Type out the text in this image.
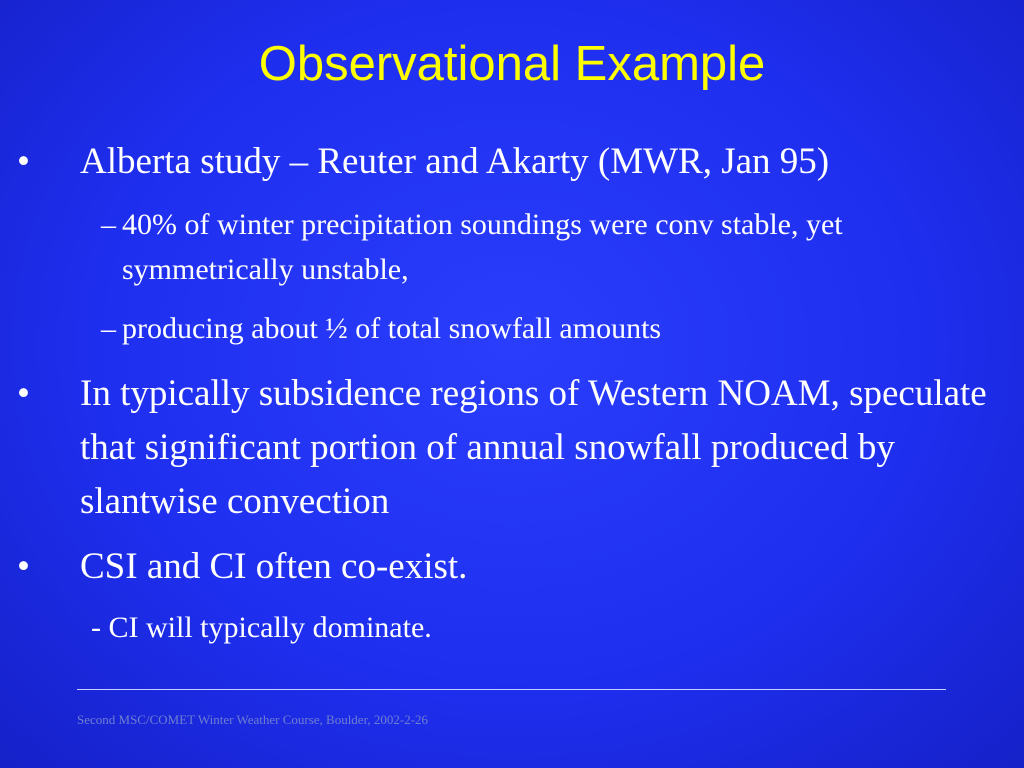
Observational Example
• Alberta study – Reuter and Akarty (MWR, Jan 95)
– 40% of winter precipitation soundings were conv stable, yet symmetrically unstable,
– producing about ½ of total snowfall amounts
• In typically subsidence regions of Western NOAM, speculate that significant portion of annual snowfall produced by slantwise convection
• CSI and CI often co-exist.
- CI will typically dominate.
Second MSC/COMET Winter Weather Course, Boulder, 2002-2-26
